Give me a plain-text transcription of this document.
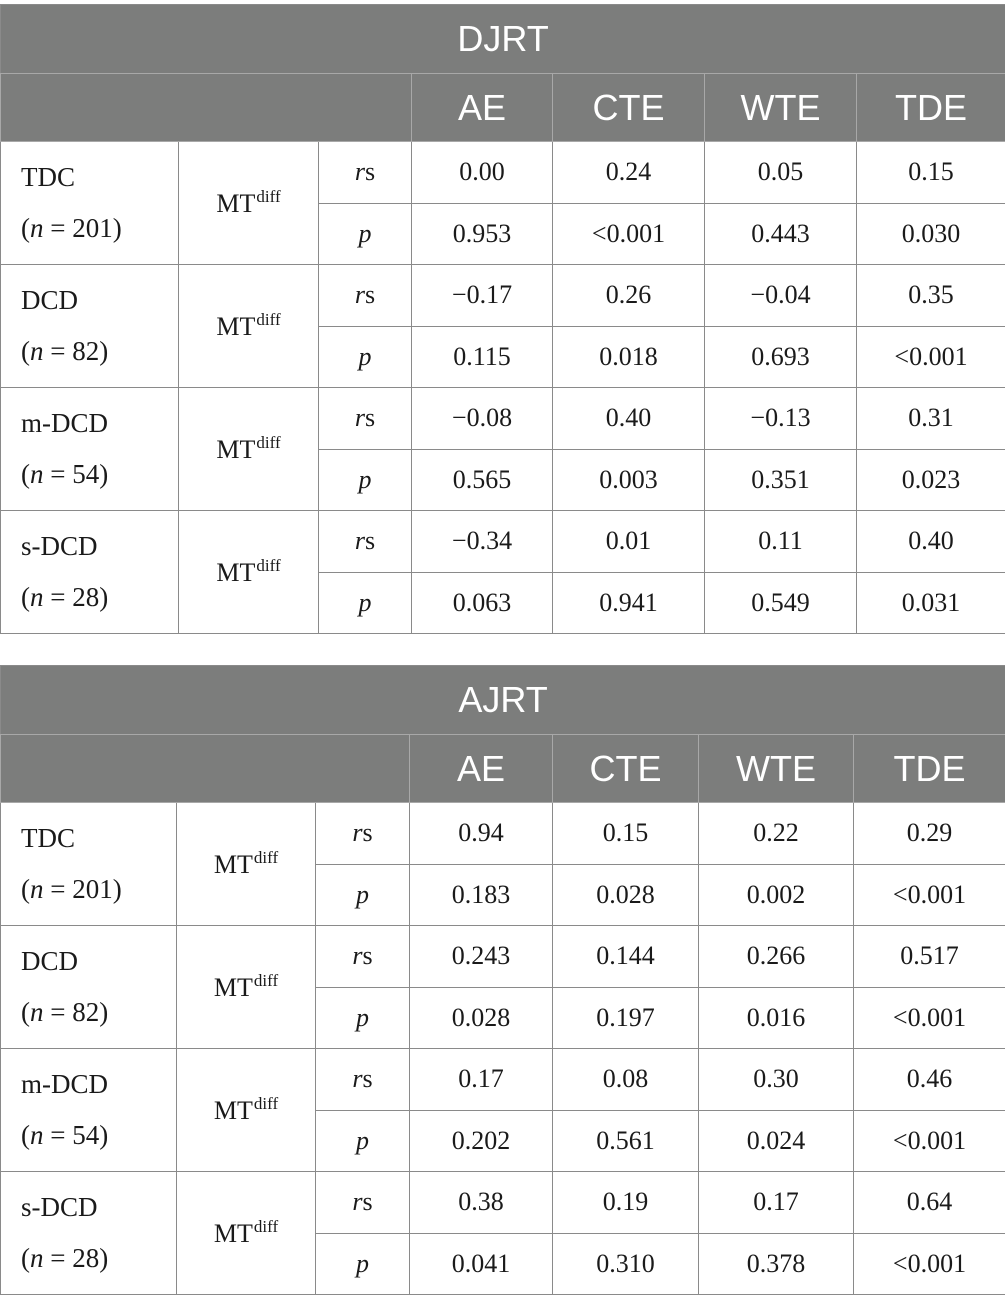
DJRT						
			AE	CTE	WTE	TDE
TDC
(n = 201)	$MT^{diff}$	rs	0.00	0.24	0.05	0.15
		p	0.953	<0.001	0.443	0.030
DCD
(n = 82)	$MT^{diff}$	rs	−0.17	0.26	−0.04	0.35
		p	0.115	0.018	0.693	<0.001
m-DCD
(n = 54)	$MT^{diff}$	rs	−0.08	0.40	−0.13	0.31
		p	0.565	0.003	0.351	0.023
s-DCD
(n = 28)	$MT^{diff}$	rs	−0.34	0.01	0.11	0.40
		p	0.063	0.941	0.549	0.031
AJRT						
			AE	CTE	WTE	TDE
TDC
(n = 201)	$MT^{diff}$	rs	0.94	0.15	0.22	0.29
		p	0.183	0.028	0.002	<0.001
DCD
(n = 82)	$MT^{diff}$	rs	0.243	0.144	0.266	0.517
		p	0.028	0.197	0.016	<0.001
m-DCD
(n = 54)	$MT^{diff}$	rs	0.17	0.08	0.30	0.46
		p	0.202	0.561	0.024	<0.001
s-DCD
(n = 28)	$MT^{diff}$	rs	0.38	0.19	0.17	0.64
		p	0.041	0.310	0.378	<0.001
